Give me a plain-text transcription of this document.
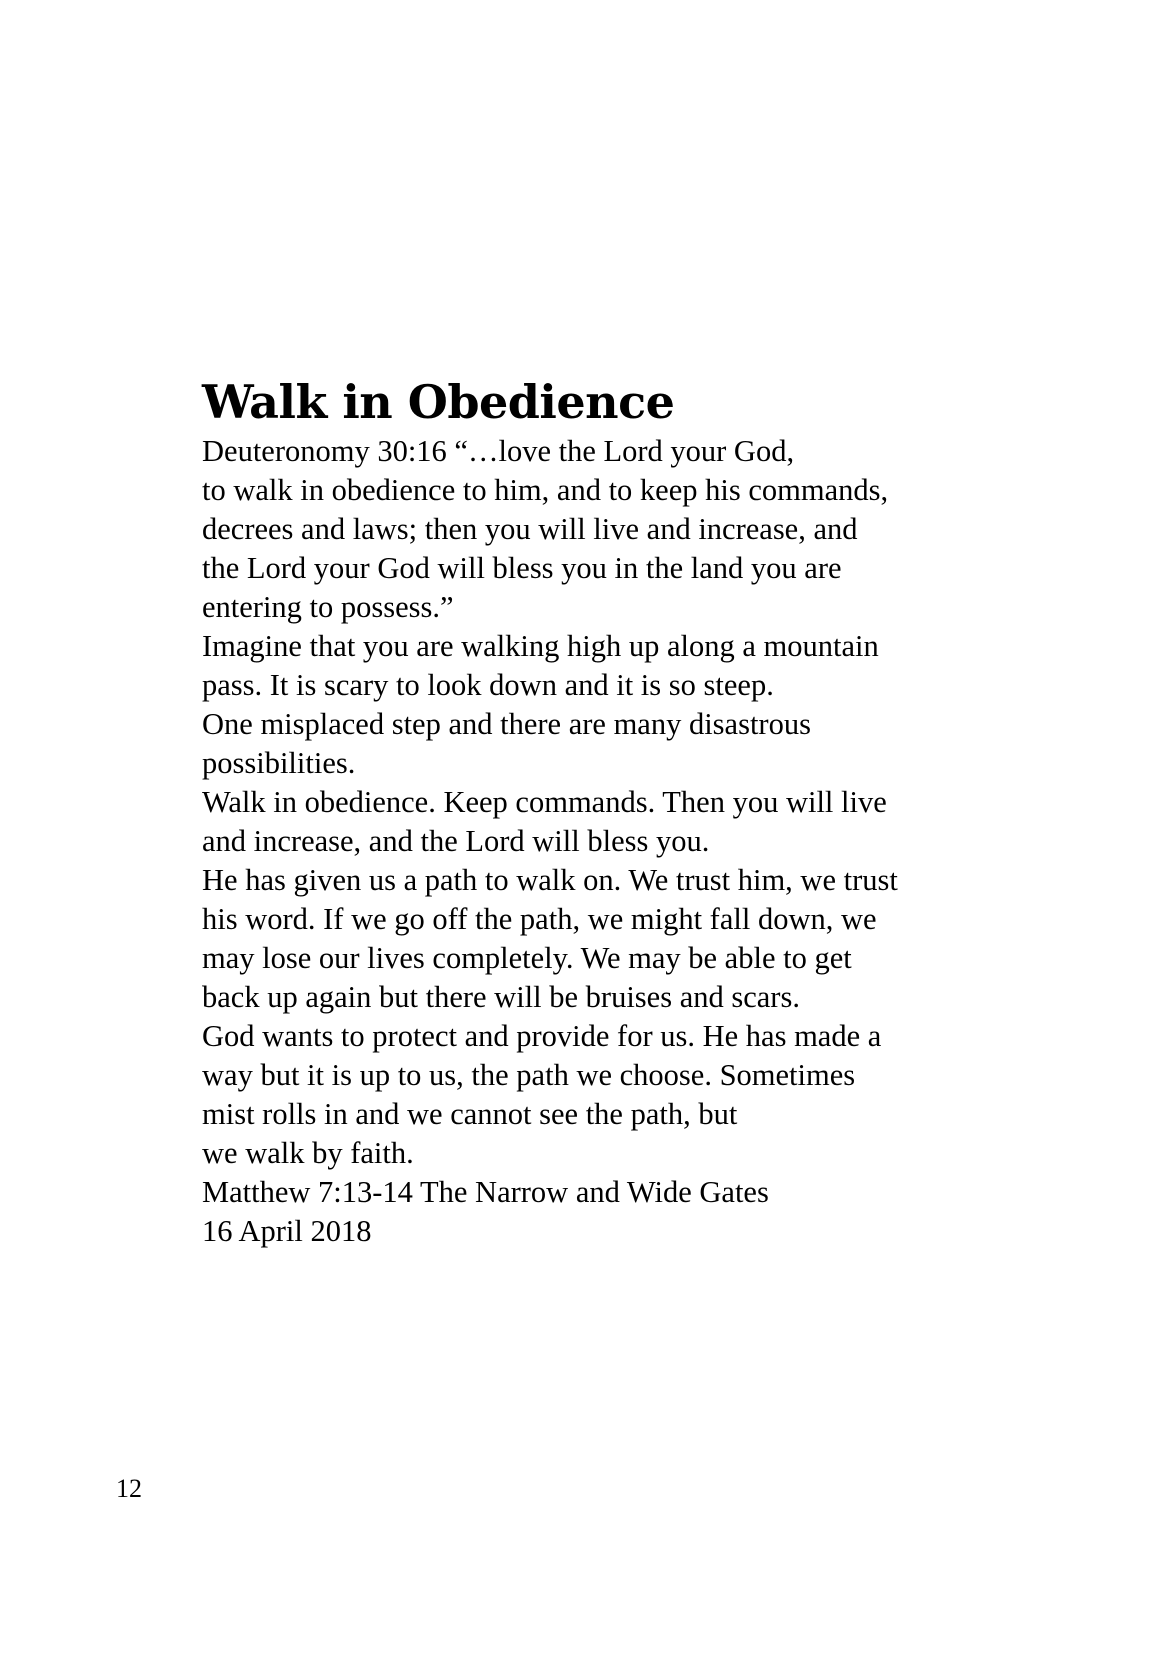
Walk in Obedience

Deuteronomy 30:16 “…love the Lord your God,
to walk in obedience to him, and to keep his commands,
decrees and laws; then you will live and increase, and
the Lord your God will bless you in the land you are
entering to possess.”

Imagine that you are walking high up along a mountain
pass. It is scary to look down and it is so steep.
One misplaced step and there are many disastrous
possibilities.

Walk in obedience. Keep commands. Then you will live
and increase, and the Lord will bless you.

He has given us a path to walk on. We trust him, we trust
his word. If we go off the path, we might fall down, we
may lose our lives completely. We may be able to get
back up again but there will be bruises and scars.

God wants to protect and provide for us. He has made a
way but it is up to us, the path we choose. Sometimes
mist rolls in and we cannot see the path, but
we walk by faith.

Matthew 7:13-14 The Narrow and Wide Gates

16 April 2018

12
